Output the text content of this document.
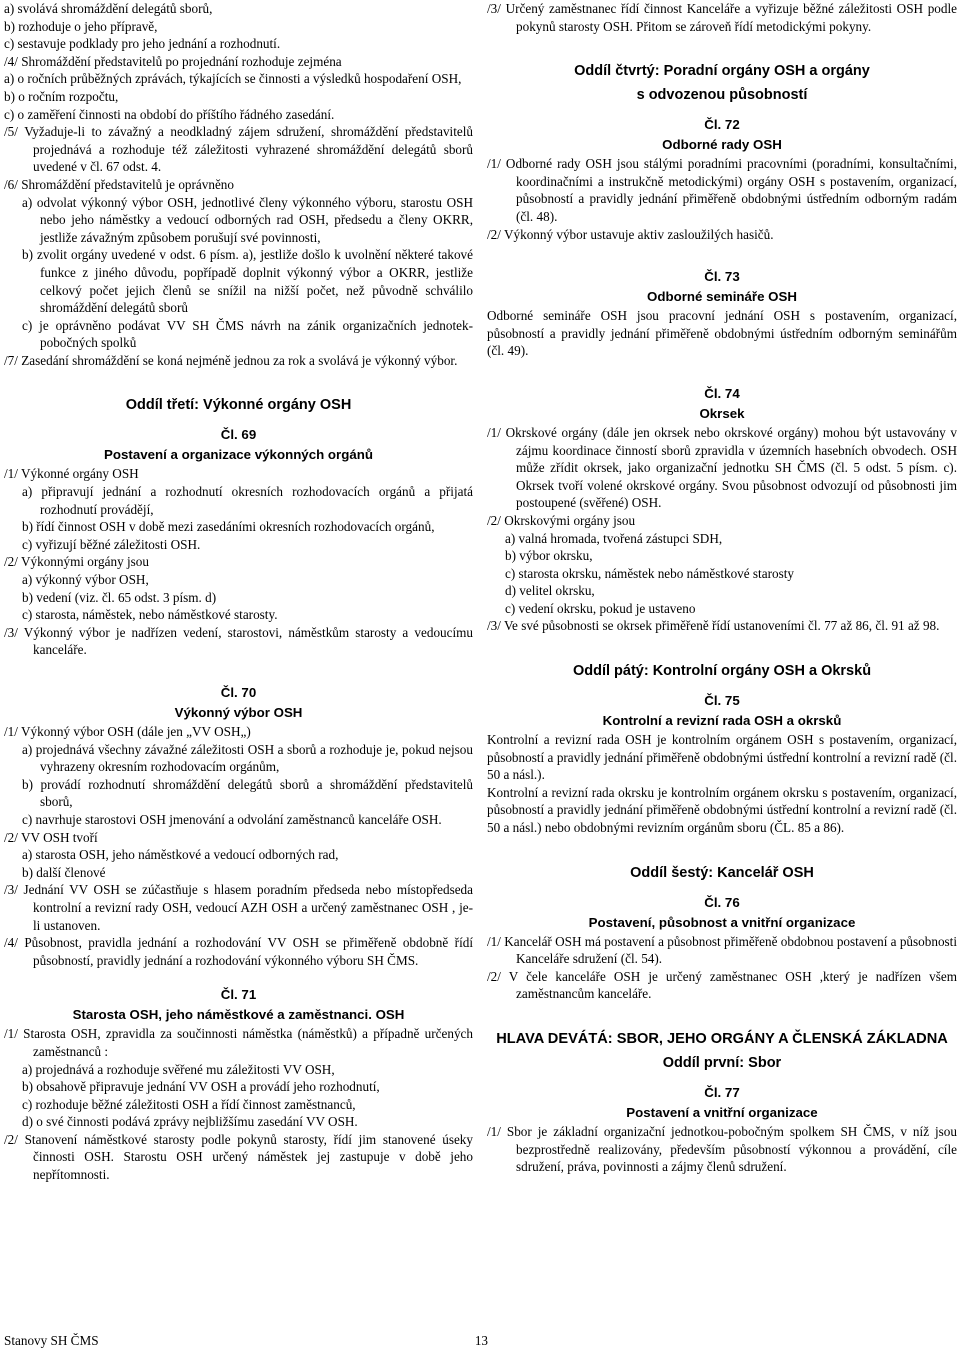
a) svolává shromáždění delegátů sborů,

b) rozhoduje o jeho přípravě,

c) sestavuje podklady pro jeho jednání a rozhodnutí.

/4/ Shromáždění představitelů po projednání rozhoduje zejména

a) o ročních průběžných zprávách, týkajících se činnosti a výsledků hospodaření OSH,

b) o ročním rozpočtu,

c) o zaměření činnosti na období do příštího řádného zasedání.

/5/ Vyžaduje-li to závažný a neodkladný zájem sdružení, shromáždění představitelů projednává a rozhoduje též záležitosti vyhrazené shromáždění delegátů sborů uvedené v čl. 67 odst. 4.

/6/ Shromáždění představitelů je oprávněno

a) odvolat výkonný výbor OSH, jednotlivé členy výkonného výboru, starostu OSH nebo jeho náměstky a vedoucí odborných rad OSH, předsedu a členy OKRR, jestliže závažným způsobem porušují své povinnosti,

b) zvolit orgány uvedené v odst. 6 písm. a), jestliže došlo k uvolnění některé takové funkce z jiného důvodu, popřípadě doplnit výkonný výbor a OKRR, jestliže celkový počet jejich členů se snížil na nižší počet, než původně schválilo shromáždění delegátů sborů

c) je oprávněno podávat VV SH ČMS návrh na zánik organizačních jednotek-pobočných spolků

/7/ Zasedání shromáždění se koná nejméně jednou za rok a svolává je výkonný výbor.

Oddíl třetí: Výkonné orgány OSH

Čl. 69

Postavení a organizace výkonných orgánů

/1/ Výkonné orgány OSH

a) připravují jednání a rozhodnutí okresních rozhodovacích orgánů a přijatá rozhodnutí provádějí,

b) řídí činnost OSH v době mezi zasedáními okresních rozhodovacích orgánů,

c) vyřizují běžné záležitosti OSH.

/2/ Výkonnými orgány jsou

a) výkonný výbor OSH,

b) vedení (viz. čl. 65 odst. 3 písm. d)

c) starosta, náměstek, nebo náměstkové starosty.

/3/ Výkonný výbor je nadřízen vedení, starostovi, náměstkům starosty a vedoucímu kanceláře.

Čl. 70

Výkonný výbor OSH

/1/ Výkonný výbor OSH (dále jen „VV OSH„)

a) projednává všechny závažné záležitosti OSH a sborů a rozhoduje je, pokud nejsou vyhrazeny okresním rozhodovacím orgánům,

b) provádí rozhodnutí shromáždění delegátů sborů a shromáždění představitelů sborů,

c) navrhuje starostovi OSH jmenování a odvolání zaměstnanců kanceláře OSH.

/2/ VV OSH tvoří

a) starosta OSH, jeho náměstkové a vedoucí odborných rad,

b) další členové

/3/ Jednání VV OSH se zúčastňuje s hlasem poradním předseda nebo místopředseda kontrolní a revizní rady OSH, vedoucí AZH OSH a určený zaměstnanec OSH , je-li ustanoven.

/4/ Působnost, pravidla jednání a rozhodování VV OSH se přiměřeně obdobně řídí působností, pravidly jednání a rozhodování výkonného výboru SH ČMS.

Čl. 71

Starosta OSH, jeho náměstkové a zaměstnanci. OSH

/1/ Starosta OSH, zpravidla za součinnosti náměstka (náměstků) a případně určených zaměstnanců :

a) projednává a rozhoduje svěřené mu záležitosti VV OSH,

b) obsahově připravuje jednání VV OSH a provádí jeho rozhodnutí,

c) rozhoduje běžné záležitosti OSH a řídí činnost zaměstnanců,

d) o své činnosti podává zprávy nejbližšímu zasedání VV OSH.

/2/ Stanovení náměstkové starosty podle pokynů starosty, řídí jim stanovené úseky činnosti OSH. Starostu OSH určený náměstek jej zastupuje v době jeho nepřítomnosti.

/3/ Určený zaměstnanec řídí činnost Kanceláře a vyřizuje běžné záležitosti OSH podle pokynů starosty OSH. Přitom se zároveň řídí metodickými pokyny.

Oddíl čtvrtý: Poradní orgány OSH a orgány

s odvozenou působností

Čl. 72

Odborné rady OSH

/1/ Odborné rady OSH jsou stálými poradními pracovními (poradními, konsultačními, koordinačními a instrukčně metodickými) orgány OSH s postavením, organizací, působností a pravidly jednání přiměřeně obdobnými ústředním odborným radám (čl. 48).

/2/ Výkonný výbor ustavuje aktiv zasloužilých hasičů.

Čl. 73

Odborné semináře OSH

Odborné semináře OSH jsou pracovní jednání OSH s postavením, organizací, působností a pravidly jednání přiměřeně obdobnými ústředním odborným seminářům (čl. 49).

Čl. 74

Okrsek

/1/ Okrskové orgány (dále jen okrsek nebo okrskové orgány) mohou být ustavovány v zájmu koordinace činností sborů zpravidla v územních hasebních obvodech. OSH může zřídit okrsek, jako organizační jednotku SH ČMS (čl. 5 odst. 5 písm. c). Okrsek tvoří volené okrskové orgány. Svou působnost odvozují od působnosti jim postoupené (svěřené) OSH.

/2/ Okrskovými orgány jsou

a) valná hromada, tvořená zástupci SDH,

b) výbor okrsku,

c) starosta okrsku, náměstek nebo náměstkové starosty

d) velitel okrsku,

c) vedení okrsku, pokud je ustaveno

/3/ Ve své působnosti se okrsek přiměřeně řídí ustanoveními čl. 77 až 86, čl. 91 až 98.

Oddíl pátý: Kontrolní orgány OSH a Okrsků

Čl. 75

Kontrolní a revizní rada OSH a okrsků

Kontrolní a revizní rada OSH je kontrolním orgánem OSH s postavením, organizací, působností a pravidly jednání přiměřeně obdobnými ústřední kontrolní a revizní radě (čl. 50 a násl.).

Kontrolní a revizní rada okrsku je kontrolním orgánem okrsku s postavením, organizací, působností a pravidly jednání přiměřeně obdobnými ústřední kontrolní a revizní radě (čl. 50 a násl.) nebo obdobnými revizním orgánům sboru (ČL. 85 a 86).

Oddíl šestý: Kancelář OSH

Čl. 76

Postavení, působnost a vnitřní organizace

/1/ Kancelář OSH má postavení a působnost přiměřeně obdobnou postavení a působnosti Kanceláře sdružení (čl. 54).

/2/ V čele kanceláře OSH je určený zaměstnanec OSH ,který je nadřízen všem zaměstnancům kanceláře.

HLAVA DEVÁTÁ: SBOR, JEHO ORGÁNY A ČLENSKÁ ZÁKLADNA

Oddíl první: Sbor

Čl. 77

Postavení a vnitřní organizace

/1/ Sbor je základní organizační jednotkou-pobočným spolkem SH ČMS, v níž jsou bezprostředně realizovány, především působností výkonnou a provádění, cíle sdružení, práva, povinnosti a zájmy členů sdružení.

Stanovy SH ČMS	13
